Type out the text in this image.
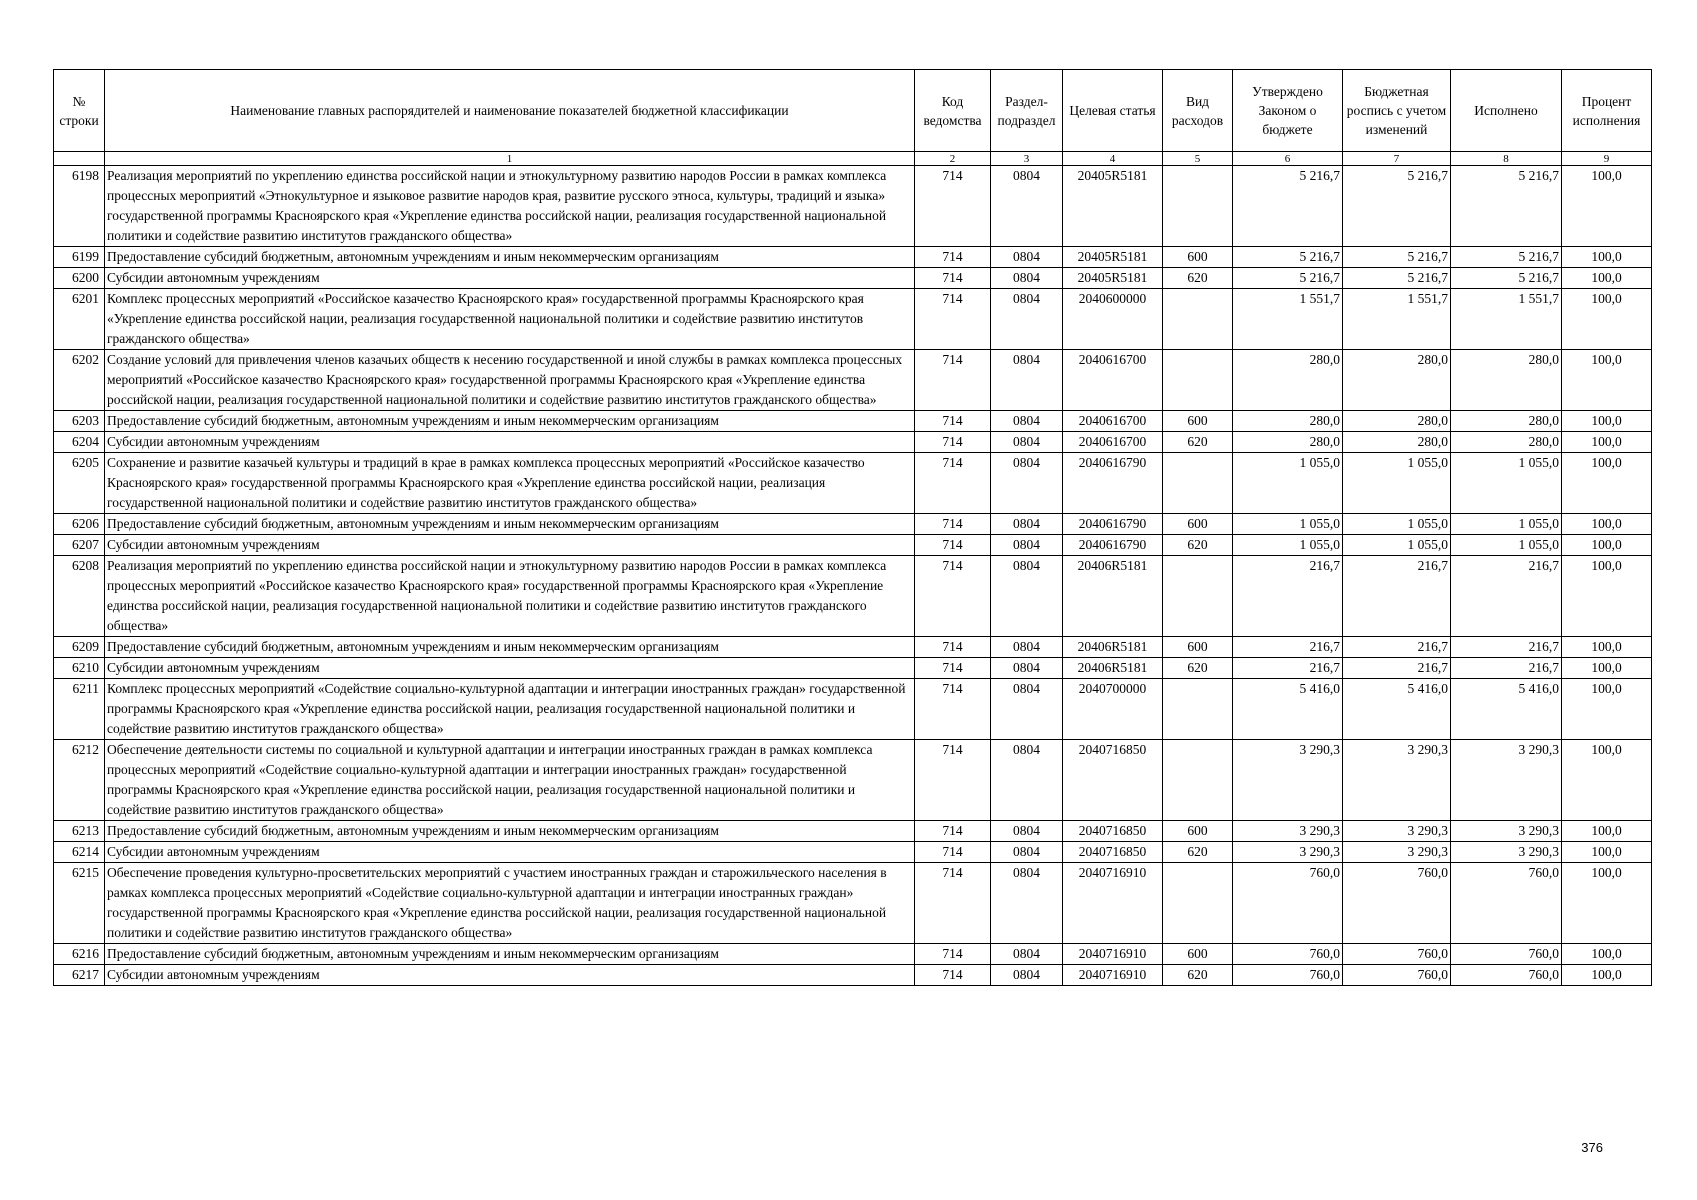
№ строки	Наименование главных распорядителей и наименование показателей бюджетной классификации	Код ведомства	Раздел-подраздел	Целевая статья	Вид расходов	Утверждено Законом о бюджете	Бюджетная роспись с учетом изменений	Исполнено	Процент исполнения
	1	2	3	4	5	6	7	8	9
6198	Реализация мероприятий по укреплению единства российской нации и этнокультурному развитию народов России в рамках комплекса процессных мероприятий «Этнокультурное и языковое развитие народов края, развитие русского этноса, культуры, традиций и языка» государственной программы Красноярского края «Укрепление единства российской нации, реализация государственной национальной политики и содействие развитию институтов гражданского общества»	714	0804	20405R5181		5 216,7	5 216,7	5 216,7	100,0
6199	Предоставление субсидий бюджетным, автономным учреждениям и иным некоммерческим организациям	714	0804	20405R5181	600	5 216,7	5 216,7	5 216,7	100,0
6200	Субсидии автономным учреждениям	714	0804	20405R5181	620	5 216,7	5 216,7	5 216,7	100,0
6201	Комплекс процессных мероприятий «Российское казачество Красноярского края» государственной программы Красноярского края «Укрепление единства российской нации, реализация государственной национальной политики и содействие развитию институтов гражданского общества»	714	0804	2040600000		1 551,7	1 551,7	1 551,7	100,0
6202	Создание условий для привлечения членов казачьих обществ к несению государственной и иной службы в рамках комплекса процессных мероприятий «Российское казачество Красноярского края» государственной программы Красноярского края «Укрепление единства российской нации, реализация государственной национальной политики и содействие развитию институтов гражданского общества»	714	0804	2040616700		280,0	280,0	280,0	100,0
6203	Предоставление субсидий бюджетным, автономным учреждениям и иным некоммерческим организациям	714	0804	2040616700	600	280,0	280,0	280,0	100,0
6204	Субсидии автономным учреждениям	714	0804	2040616700	620	280,0	280,0	280,0	100,0
6205	Сохранение и развитие казачьей культуры и традиций в крае в рамках комплекса процессных мероприятий «Российское казачество Красноярского края» государственной программы Красноярского края «Укрепление единства российской нации, реализация государственной национальной политики и содействие развитию институтов гражданского общества»	714	0804	2040616790		1 055,0	1 055,0	1 055,0	100,0
6206	Предоставление субсидий бюджетным, автономным учреждениям и иным некоммерческим организациям	714	0804	2040616790	600	1 055,0	1 055,0	1 055,0	100,0
6207	Субсидии автономным учреждениям	714	0804	2040616790	620	1 055,0	1 055,0	1 055,0	100,0
6208	Реализация мероприятий по укреплению единства российской нации и этнокультурному развитию народов России в рамках комплекса процессных мероприятий «Российское казачество Красноярского края» государственной программы Красноярского края «Укрепление единства российской нации, реализация государственной национальной политики и содействие развитию институтов гражданского общества»	714	0804	20406R5181		216,7	216,7	216,7	100,0
6209	Предоставление субсидий бюджетным, автономным учреждениям и иным некоммерческим организациям	714	0804	20406R5181	600	216,7	216,7	216,7	100,0
6210	Субсидии автономным учреждениям	714	0804	20406R5181	620	216,7	216,7	216,7	100,0
6211	Комплекс процессных мероприятий «Содействие социально-культурной адаптации и интеграции иностранных граждан» государственной программы Красноярского края «Укрепление единства российской нации, реализация государственной национальной политики и содействие развитию институтов гражданского общества»	714	0804	2040700000		5 416,0	5 416,0	5 416,0	100,0
6212	Обеспечение деятельности системы по социальной и культурной адаптации и интеграции иностранных граждан в рамках комплекса процессных мероприятий «Содействие социально-культурной адаптации и интеграции иностранных граждан» государственной программы Красноярского края «Укрепление единства российской нации, реализация государственной национальной политики и содействие развитию институтов гражданского общества»	714	0804	2040716850		3 290,3	3 290,3	3 290,3	100,0
6213	Предоставление субсидий бюджетным, автономным учреждениям и иным некоммерческим организациям	714	0804	2040716850	600	3 290,3	3 290,3	3 290,3	100,0
6214	Субсидии автономным учреждениям	714	0804	2040716850	620	3 290,3	3 290,3	3 290,3	100,0
6215	Обеспечение проведения культурно-просветительских мероприятий с участием иностранных граждан и старожильческого населения в рамках комплекса процессных мероприятий «Содействие социально-культурной адаптации и интеграции иностранных граждан» государственной программы Красноярского края «Укрепление единства российской нации, реализация государственной национальной политики и содействие развитию институтов гражданского общества»	714	0804	2040716910		760,0	760,0	760,0	100,0
6216	Предоставление субсидий бюджетным, автономным учреждениям и иным некоммерческим организациям	714	0804	2040716910	600	760,0	760,0	760,0	100,0
6217	Субсидии автономным учреждениям	714	0804	2040716910	620	760,0	760,0	760,0	100,0
376
